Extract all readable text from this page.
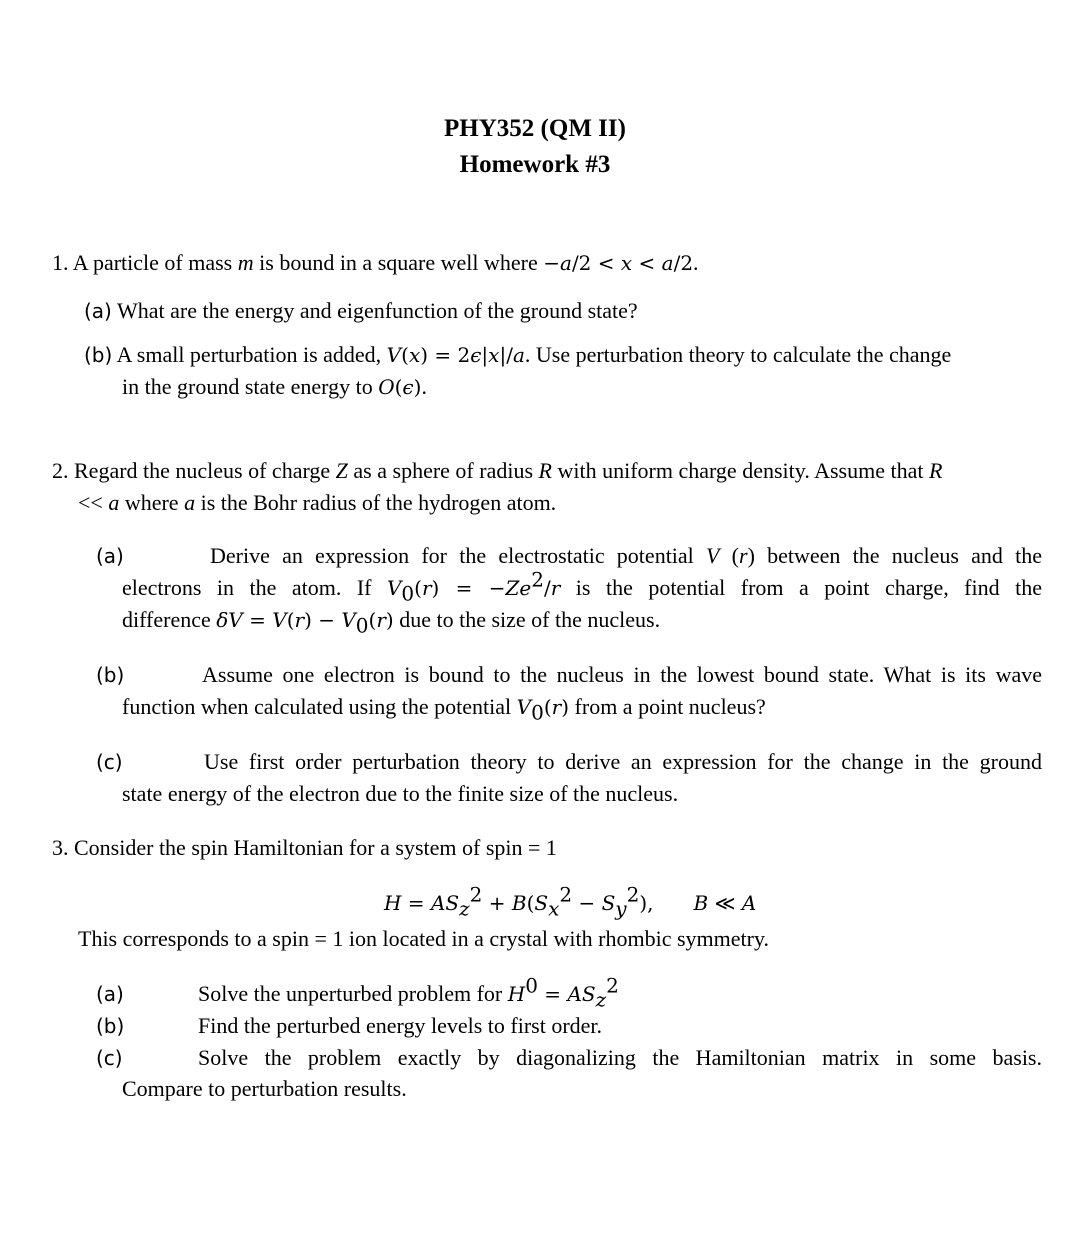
PHY352 (QM II)
Homework #3
1. A particle of mass m is bound in a square well where −a/2 < x < a/2.
(a) What are the energy and eigenfunction of the ground state?
(b) A small perturbation is added, V(x) = 2ϵ|x|/a. Use perturbation theory to calculate the change
in the ground state energy to O(ϵ).
2. Regard the nucleus of charge Z as a sphere of radius R with uniform charge density. Assume that R
<< a where a is the Bohr radius of the hydrogen atom.
(a)	Derive an expression for the electrostatic potential V (r) between the nucleus and the
electrons in the atom. If $V_0(r) = -Ze^2/r$ is the potential from a point charge, find the
difference $\delta V = V(r) - V_0(r)$ due to the size of the nucleus.
(b)	Assume one electron is bound to the nucleus in the lowest bound state. What is its wave
function when calculated using the potential $V_0(r)$ from a point nucleus?
(c)	Use first order perturbation theory to derive an expression for the change in the ground
state energy of the electron due to the finite size of the nucleus.
3. Consider the spin Hamiltonian for a system of spin = 1
$H = AS_z^2 + B(S_x^2 - S_y^2)$, B ≪ A
This corresponds to a spin = 1 ion located in a crystal with rhombic symmetry.
(a)	Solve the unperturbed problem for $H^0 = AS_z^2$
(b)	Find the perturbed energy levels to first order.
(c)	Solve the problem exactly by diagonalizing the Hamiltonian matrix in some basis.
Compare to perturbation results.
